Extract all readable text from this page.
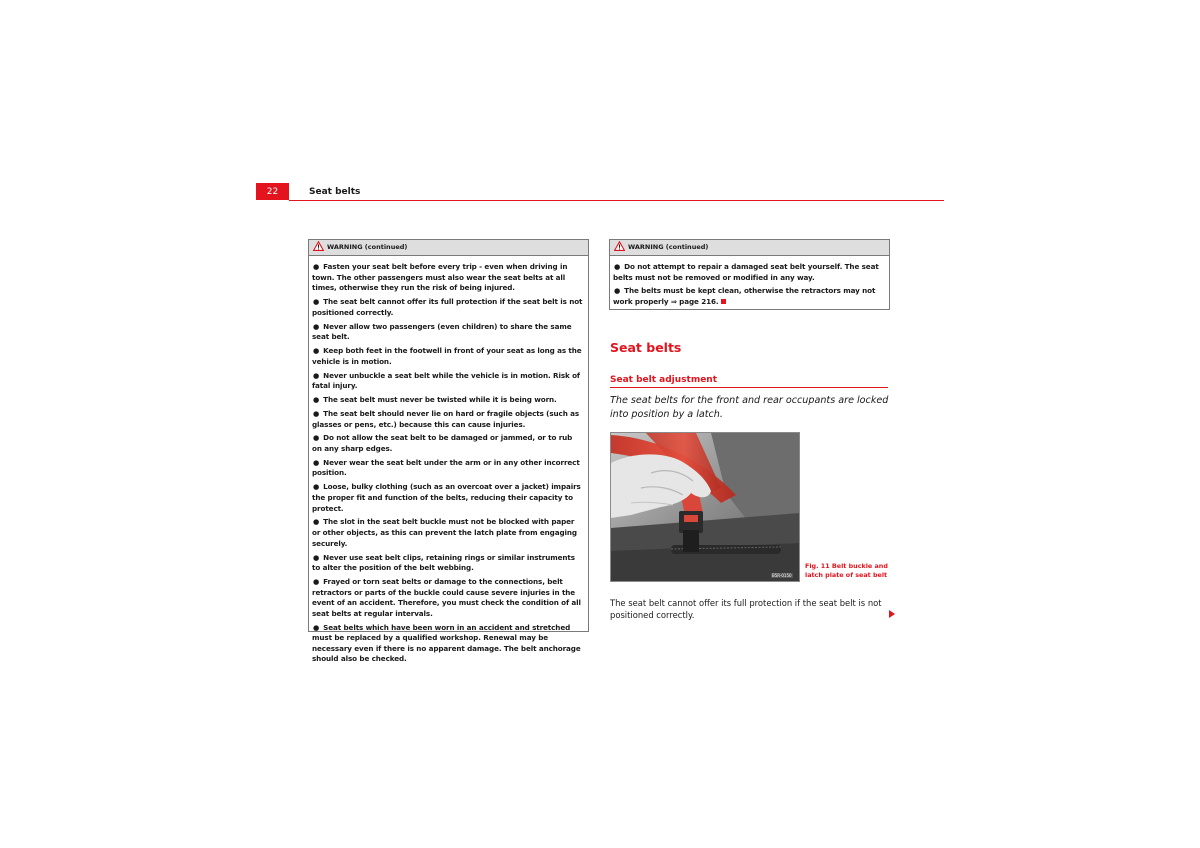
22	Seat belts
WARNING (continued)
● Fasten your seat belt before every trip - even when driving in town. The other passengers must also wear the seat belts at all times, otherwise they run the risk of being injured.
● The seat belt cannot offer its full protection if the seat belt is not positioned correctly.
● Never allow two passengers (even children) to share the same seat belt.
● Keep both feet in the footwell in front of your seat as long as the vehicle is in motion.
● Never unbuckle a seat belt while the vehicle is in motion. Risk of fatal injury.
● The seat belt must never be twisted while it is being worn.
● The seat belt should never lie on hard or fragile objects (such as glasses or pens, etc.) because this can cause injuries.
● Do not allow the seat belt to be damaged or jammed, or to rub on any sharp edges.
● Never wear the seat belt under the arm or in any other incorrect position.
● Loose, bulky clothing (such as an overcoat over a jacket) impairs the proper fit and function of the belts, reducing their capacity to protect.
● The slot in the seat belt buckle must not be blocked with paper or other objects, as this can prevent the latch plate from engaging securely.
● Never use seat belt clips, retaining rings or similar instruments to alter the position of the belt webbing.
● Frayed or torn seat belts or damage to the connections, belt retractors or parts of the buckle could cause severe injuries in the event of an accident. Therefore, you must check the condition of all seat belts at regular intervals.
● Seat belts which have been worn in an accident and stretched must be replaced by a qualified workshop. Renewal may be necessary even if there is no apparent damage. The belt anchorage should also be checked.
WARNING (continued)
● Do not attempt to repair a damaged seat belt yourself. The seat belts must not be removed or modified in any way.
● The belts must be kept clean, otherwise the retractors may not work properly ⇒ page 216.
Seat belts
Seat belt adjustment
The seat belts for the front and rear occupants are locked into position by a latch.
B5R-0150
Fig. 11 Belt buckle and latch plate of seat belt
The seat belt cannot offer its full protection if the seat belt is not positioned correctly.
